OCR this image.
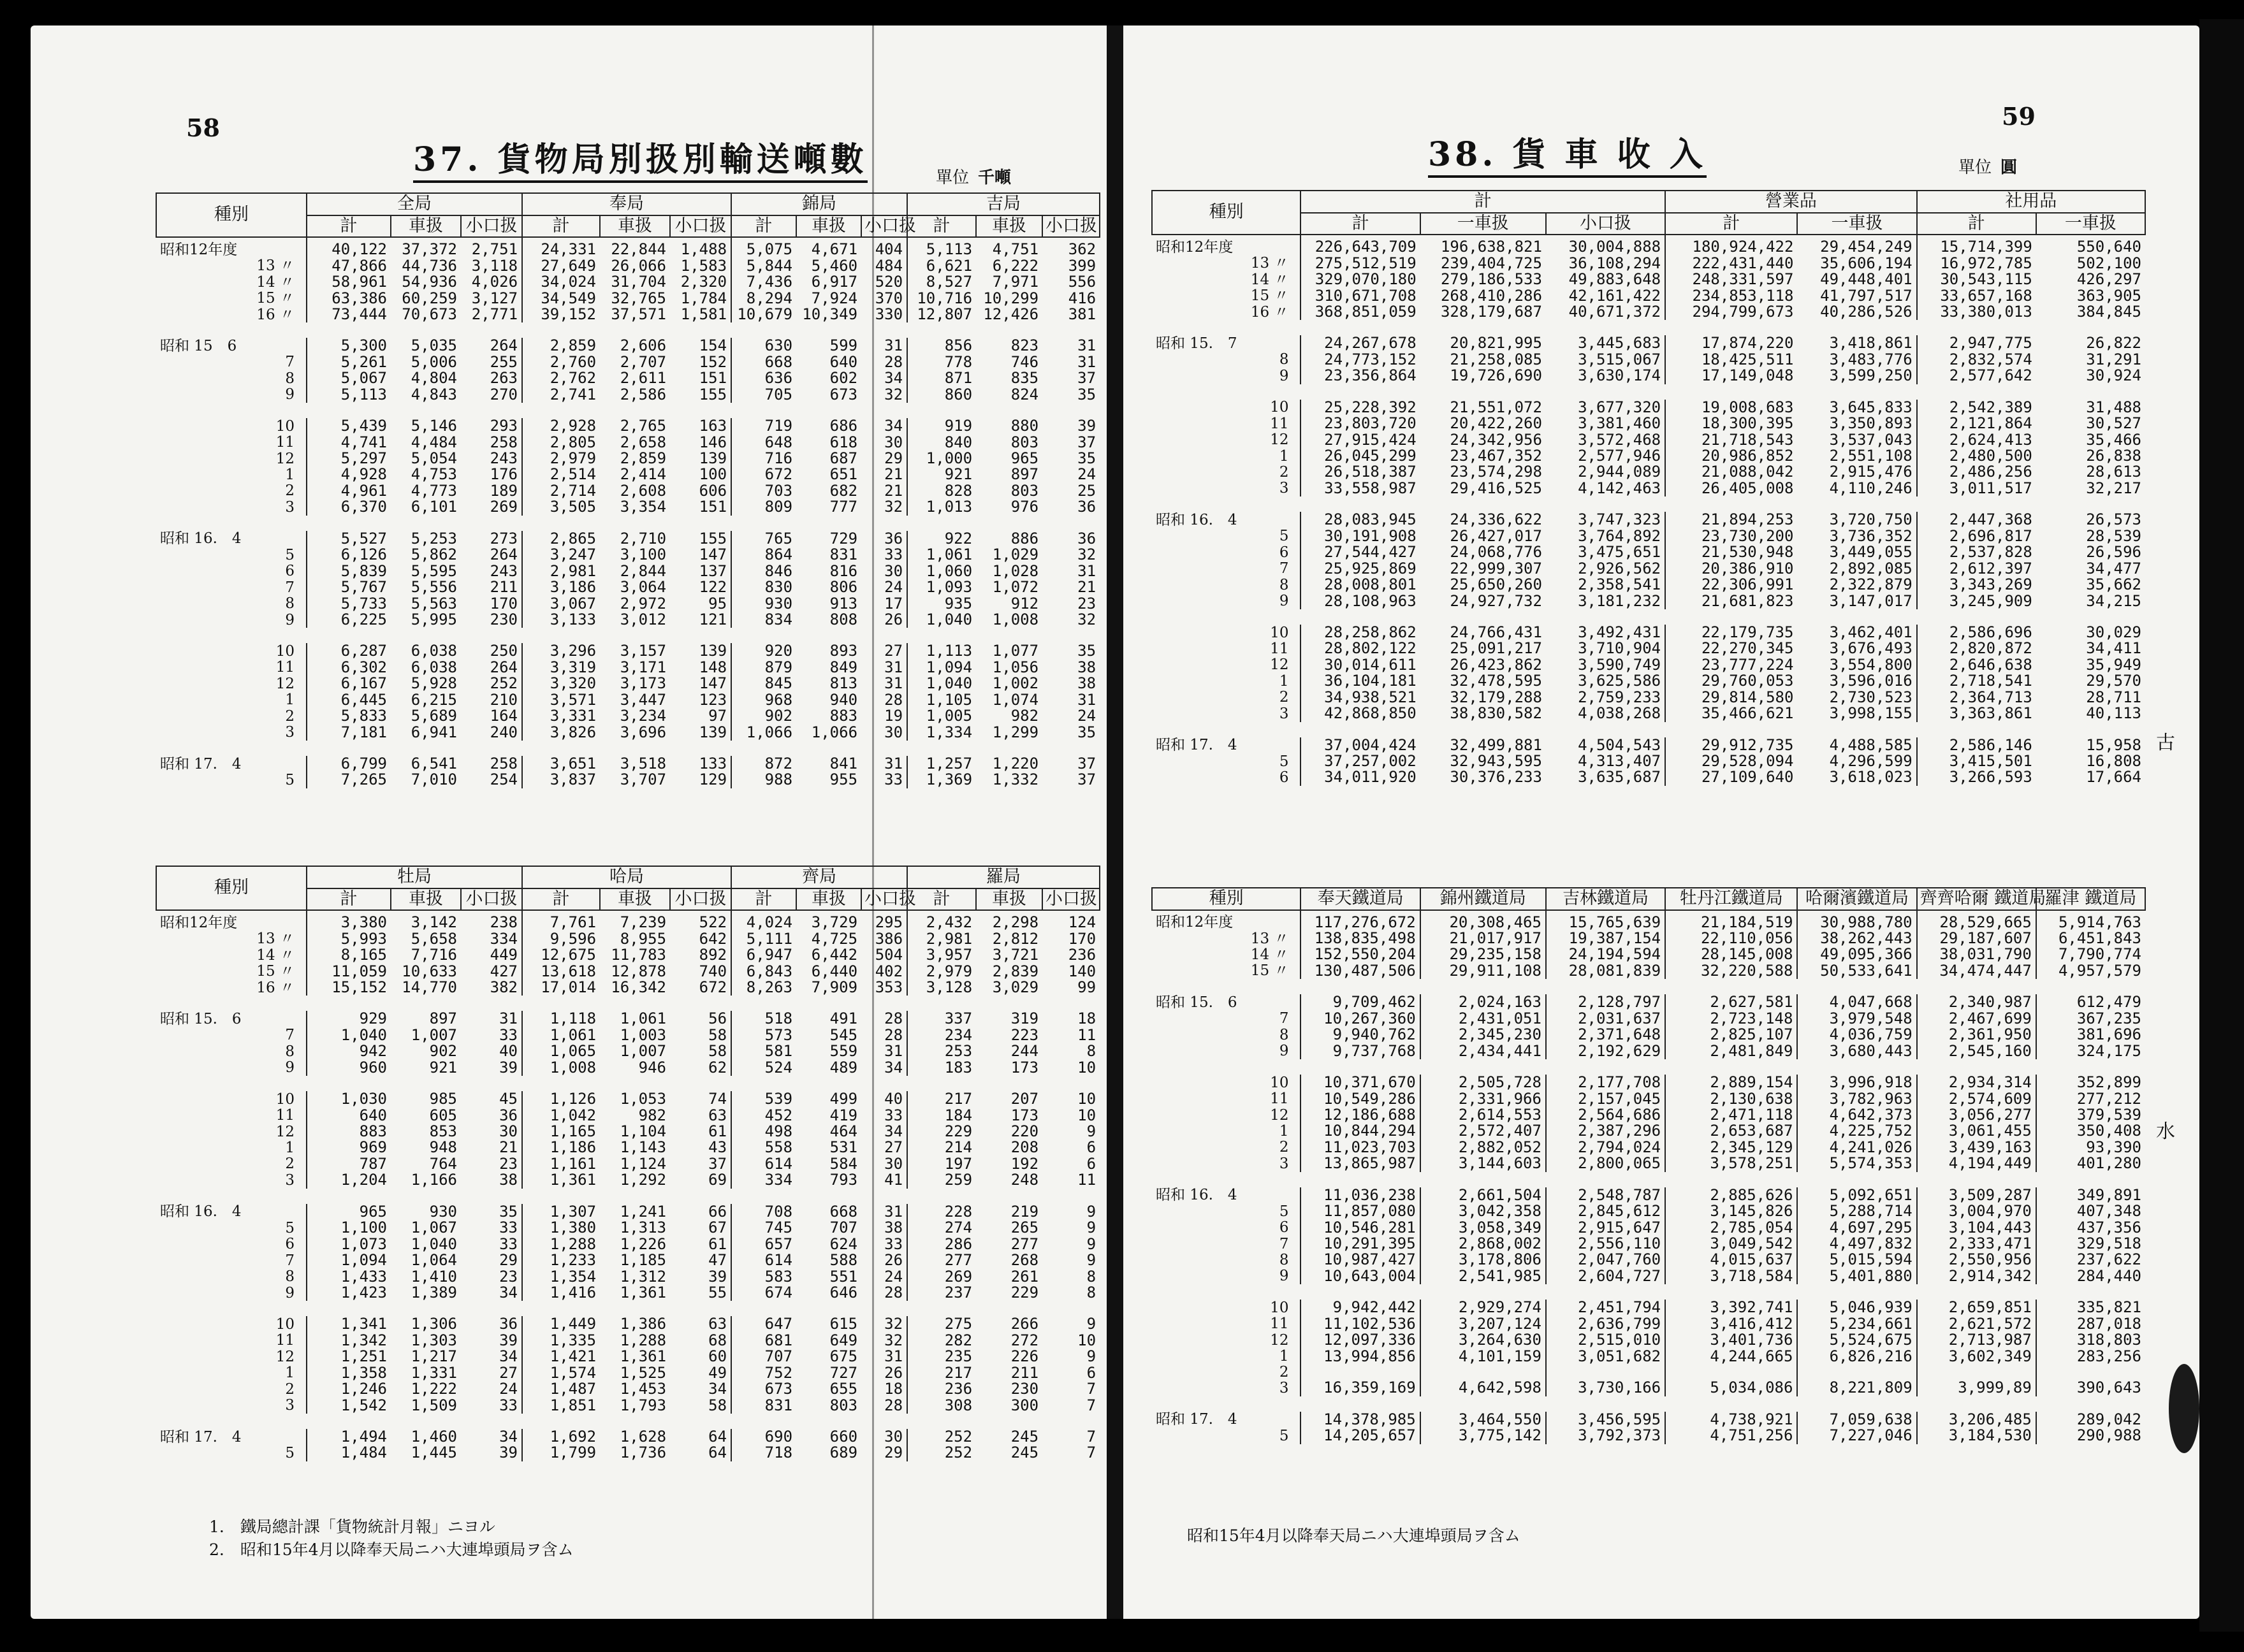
58
37. 貨物局別扱別輸送噸數	單位 千噸
種別	全局			奉局			錦局			吉局		
	計	車扱	小口扱	計	車扱	小口扱	計	車扱	小口扱	計	車扱	小口扱
昭和12年度	40,122	37,372	2,751	24,331	22,844	1,488	5,075	4,671	404	5,113	4,751	362
13 〃	47,866	44,736	3,118	27,649	26,066	1,583	5,844	5,460	484	6,621	6,222	399
14 〃	58,961	54,936	4,026	34,024	31,704	2,320	7,436	6,917	520	8,527	7,971	556
15 〃	63,386	60,259	3,127	34,549	32,765	1,784	8,294	7,924	370	10,716	10,299	416
16 〃	73,444	70,673	2,771	39,152	37,571	1,581	10,679	10,349	330	12,807	12,426	381

昭和 15　6	5,300	5,035	264	2,859	2,606	154	630	599	31	856	823	31
7	5,261	5,006	255	2,760	2,707	152	668	640	28	778	746	31
8	5,067	4,804	263	2,762	2,611	151	636	602	34	871	835	37
9	5,113	4,843	270	2,741	2,586	155	705	673	32	860	824	35

10	5,439	5,146	293	2,928	2,765	163	719	686	34	919	880	39
11	4,741	4,484	258	2,805	2,658	146	648	618	30	840	803	37
12	5,297	5,054	243	2,979	2,859	139	716	687	29	1,000	965	35
1	4,928	4,753	176	2,514	2,414	100	672	651	21	921	897	24
2	4,961	4,773	189	2,714	2,608	606	703	682	21	828	803	25
3	6,370	6,101	269	3,505	3,354	151	809	777	32	1,013	976	36

昭和 16.　4	5,527	5,253	273	2,865	2,710	155	765	729	36	922	886	36
5	6,126	5,862	264	3,247	3,100	147	864	831	33	1,061	1,029	32
6	5,839	5,595	243	2,981	2,844	137	846	816	30	1,060	1,028	31
7	5,767	5,556	211	3,186	3,064	122	830	806	24	1,093	1,072	21
8	5,733	5,563	170	3,067	2,972	95	930	913	17	935	912	23
9	6,225	5,995	230	3,133	3,012	121	834	808	26	1,040	1,008	32

10	6,287	6,038	250	3,296	3,157	139	920	893	27	1,113	1,077	35
11	6,302	6,038	264	3,319	3,171	148	879	849	31	1,094	1,056	38
12	6,167	5,928	252	3,320	3,173	147	845	813	31	1,040	1,002	38
1	6,445	6,215	210	3,571	3,447	123	968	940	28	1,105	1,074	31
2	5,833	5,689	164	3,331	3,234	97	902	883	19	1,005	982	24
3	7,181	6,941	240	3,826	3,696	139	1,066	1,066	30	1,334	1,299	35

昭和 17.　4	6,799	6,541	258	3,651	3,518	133	872	841	31	1,257	1,220	37
5	7,265	7,010	254	3,837	3,707	129	988	955	33	1,369	1,332	37
種別	牡局			哈局			齊局			羅局		
	計	車扱	小口扱	計	車扱	小口扱	計	車扱	小口扱	計	車扱	小口扱
昭和12年度	3,380	3,142	238	7,761	7,239	522	4,024	3,729	295	2,432	2,298	124
13 〃	5,993	5,658	334	9,596	8,955	642	5,111	4,725	386	2,981	2,812	170
14 〃	8,165	7,716	449	12,675	11,783	892	6,947	6,442	504	3,957	3,721	236
15 〃	11,059	10,633	427	13,618	12,878	740	6,843	6,440	402	2,979	2,839	140
16 〃	15,152	14,770	382	17,014	16,342	672	8,263	7,909	353	3,128	3,029	99

昭和 15.　6	929	897	31	1,118	1,061	56	518	491	28	337	319	18
7	1,040	1,007	33	1,061	1,003	58	573	545	28	234	223	11
8	942	902	40	1,065	1,007	58	581	559	31	253	244	8
9	960	921	39	1,008	946	62	524	489	34	183	173	10

10	1,030	985	45	1,126	1,053	74	539	499	40	217	207	10
11	640	605	36	1,042	982	63	452	419	33	184	173	10
12	883	853	30	1,165	1,104	61	498	464	34	229	220	9
1	969	948	21	1,186	1,143	43	558	531	27	214	208	6
2	787	764	23	1,161	1,124	37	614	584	30	197	192	6
3	1,204	1,166	38	1,361	1,292	69	334	793	41	259	248	11

昭和 16.　4	965	930	35	1,307	1,241	66	708	668	31	228	219	9
5	1,100	1,067	33	1,380	1,313	67	745	707	38	274	265	9
6	1,073	1,040	33	1,288	1,226	61	657	624	33	286	277	9
7	1,094	1,064	29	1,233	1,185	47	614	588	26	277	268	9
8	1,433	1,410	23	1,354	1,312	39	583	551	24	269	261	8
9	1,423	1,389	34	1,416	1,361	55	674	646	28	237	229	8

10	1,341	1,306	36	1,449	1,386	63	647	615	32	275	266	9
11	1,342	1,303	39	1,335	1,288	68	681	649	32	282	272	10
12	1,251	1,217	34	1,421	1,361	60	707	675	31	235	226	9
1	1,358	1,331	27	1,574	1,525	49	752	727	26	217	211	6
2	1,246	1,222	24	1,487	1,453	34	673	655	18	236	230	7
3	1,542	1,509	33	1,851	1,793	58	831	803	28	308	300	7

昭和 17.　4	1,494	1,460	34	1,692	1,628	64	690	660	30	252	245	7
5	1,484	1,445	39	1,799	1,736	64	718	689	29	252	245	7
1.　鐵局總計課「貨物統計月報」ニヨル
2.　昭和15年4月以降奉天局ニハ大連埠頭局ヲ含ム
59
38. 貨 車 收 入	單位 圓
種別	計			營業品		社用品	
	計	一車扱	小口扱	計	一車扱	計	一車扱
昭和12年度	226,643,709	196,638,821	30,004,888	180,924,422	29,454,249	15,714,399	550,640
13 〃	275,512,519	239,404,725	36,108,294	222,431,440	35,606,194	16,972,785	502,100
14 〃	329,070,180	279,186,533	49,883,648	248,331,597	49,448,401	30,543,115	426,297
15 〃	310,671,708	268,410,286	42,161,422	234,853,118	41,797,517	33,657,168	363,905
16 〃	368,851,059	328,179,687	40,671,372	294,799,673	40,286,526	33,380,013	384,845

昭和 15.　7	24,267,678	20,821,995	3,445,683	17,874,220	3,418,861	2,947,775	26,822
8	24,773,152	21,258,085	3,515,067	18,425,511	3,483,776	2,832,574	31,291
9	23,356,864	19,726,690	3,630,174	17,149,048	3,599,250	2,577,642	30,924

10	25,228,392	21,551,072	3,677,320	19,008,683	3,645,833	2,542,389	31,488
11	23,803,720	20,422,260	3,381,460	18,300,395	3,350,893	2,121,864	30,527
12	27,915,424	24,342,956	3,572,468	21,718,543	3,537,043	2,624,413	35,466
1	26,045,299	23,467,352	2,577,946	20,986,852	2,551,108	2,480,500	26,838
2	26,518,387	23,574,298	2,944,089	21,088,042	2,915,476	2,486,256	28,613
3	33,558,987	29,416,525	4,142,463	26,405,008	4,110,246	3,011,517	32,217

昭和 16.　4	28,083,945	24,336,622	3,747,323	21,894,253	3,720,750	2,447,368	26,573
5	30,191,908	26,427,017	3,764,892	23,730,200	3,736,352	2,696,817	28,539
6	27,544,427	24,068,776	3,475,651	21,530,948	3,449,055	2,537,828	26,596
7	25,925,869	22,999,307	2,926,562	20,386,910	2,892,085	2,612,397	34,477
8	28,008,801	25,650,260	2,358,541	22,306,991	2,322,879	3,343,269	35,662
9	28,108,963	24,927,732	3,181,232	21,681,823	3,147,017	3,245,909	34,215

10	28,258,862	24,766,431	3,492,431	22,179,735	3,462,401	2,586,696	30,029
11	28,802,122	25,091,217	3,710,904	22,270,345	3,676,493	2,820,872	34,411
12	30,014,611	26,423,862	3,590,749	23,777,224	3,554,800	2,646,638	35,949
1	36,104,181	32,478,595	3,625,586	29,760,053	3,596,016	2,718,541	29,570
2	34,938,521	32,179,288	2,759,233	29,814,580	2,730,523	2,364,713	28,711
3	42,868,850	38,830,582	4,038,268	35,466,621	3,998,155	3,363,861	40,113

昭和 17.　4	37,004,424	32,499,881	4,504,543	29,912,735	4,488,585	2,586,146	15,958
5	37,257,002	32,943,595	4,313,407	29,528,094	4,296,599	3,415,501	16,808
6	34,011,920	30,376,233	3,635,687	27,109,640	3,618,023	3,266,593	17,664
種別	奉天鐵道局	錦州鐵道局	吉林鐵道局	牡丹江鐵道局	哈爾濱鐵道局	齊齊哈爾 鐵道局	羅津 鐵道局
昭和12年度	117,276,672	20,308,465	15,765,639	21,184,519	30,988,780	28,529,665	5,914,763
13 〃	138,835,498	21,017,917	19,387,154	22,110,056	38,262,443	29,187,607	6,451,843
14 〃	152,550,204	29,235,158	24,194,594	28,145,008	49,095,366	38,031,790	7,790,774
15 〃	130,487,506	29,911,108	28,081,839	32,220,588	50,533,641	34,474,447	4,957,579

昭和 15.　6	9,709,462	2,024,163	2,128,797	2,627,581	4,047,668	2,340,987	612,479
7	10,267,360	2,431,051	2,031,637	2,723,148	3,979,548	2,467,699	367,235
8	9,940,762	2,345,230	2,371,648	2,825,107	4,036,759	2,361,950	381,696
9	9,737,768	2,434,441	2,192,629	2,481,849	3,680,443	2,545,160	324,175

10	10,371,670	2,505,728	2,177,708	2,889,154	3,996,918	2,934,314	352,899
11	10,549,286	2,331,966	2,157,045	2,130,638	3,782,963	2,574,609	277,212
12	12,186,688	2,614,553	2,564,686	2,471,118	4,642,373	3,056,277	379,539
1	10,844,294	2,572,407	2,387,296	2,653,687	4,225,752	3,061,455	350,408
2	11,023,703	2,882,052	2,794,024	2,345,129	4,241,026	3,439,163	93,390
3	13,865,987	3,144,603	2,800,065	3,578,251	5,574,353	4,194,449	401,280

昭和 16.　4	11,036,238	2,661,504	2,548,787	2,885,626	5,092,651	3,509,287	349,891
5	11,857,080	3,042,358	2,845,612	3,145,826	5,288,714	3,004,970	407,348
6	10,546,281	3,058,349	2,915,647	2,785,054	4,697,295	3,104,443	437,356
7	10,291,395	2,868,002	2,556,110	3,049,542	4,497,832	2,333,471	329,518
8	10,987,427	3,178,806	2,047,760	4,015,637	5,015,594	2,550,956	237,622
9	10,643,004	2,541,985	2,604,727	3,718,584	5,401,880	2,914,342	284,440

10	9,942,442	2,929,274	2,451,794	3,392,741	5,046,939	2,659,851	335,821
11	11,102,536	3,207,124	2,636,799	3,416,412	5,234,661	2,621,572	287,018
12	12,097,336	3,264,630	2,515,010	3,401,736	5,524,675	2,713,987	318,803
1	13,994,856	4,101,159	3,051,682	4,244,665	6,826,216	3,602,349	283,256
2							
3	16,359,169	4,642,598	3,730,166	5,034,086	8,221,809	3,999,89	390,643

昭和 17.　4	14,378,985	3,464,550	3,456,595	4,738,921	7,059,638	3,206,485	289,042
5	14,205,657	3,775,142	3,792,373	4,751,256	7,227,046	3,184,530	290,988
昭和15年4月以降奉天局ニハ大連埠頭局ヲ含ム
古
水
